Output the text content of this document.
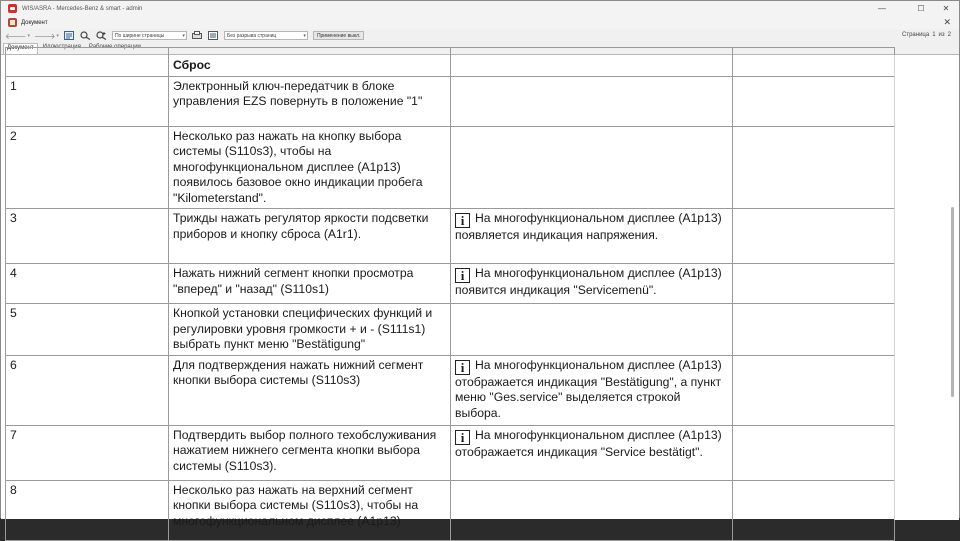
WIS/ASRA - Mercedes-Benz & smart - admin	—	☐	✕
Документ	✕
🡐 ▾ 🡒 ▾	По ширине страницы	▾	Без разрыва страниц	▾	Применение выкл.	Страница 1 из 2
Документ	Иллюстрация	Рабочие операции
	Сброс		
1	Электронный ключ-передатчик в блоке управления EZS повернуть в положение "1"		
2	Несколько раз нажать на кнопку выбора системы (S110s3), чтобы на многофункциональном дисплее (A1p13) появилось базовое окно индикации пробега "Kilometerstand".		
3	Трижды нажать регулятор яркости подсветки приборов и кнопку сброса (A1r1).	i На многофункциональном дисплее (A1p13) появляется индикация напряжения.	
4	Нажать нижний сегмент кнопки просмотра "вперед" и "назад" (S110s1)	i На многофункциональном дисплее (A1p13) появится индикация "Servicemenü".	
5	Кнопкой установки специфических функций и регулировки уровня громкости + и - (S111s1) выбрать пункт меню "Bestätigung"		
6	Для подтверждения нажать нижний сегмент кнопки выбора системы (S110s3)	i На многофункциональном дисплее (A1p13) отображается индикация "Bestätigung", а пункт меню "Ges.service" выделяется строкой выбора.	
7	Подтвердить выбор полного техобслуживания нажатием нижнего сегмента кнопки выбора системы (S110s3).	i На многофункциональном дисплее (A1p13) отображается индикация "Service bestätigt".	
8	Несколько раз нажать на верхний сегмент кнопки выбора системы (S110s3), чтобы на многофункциональном дисплее (A1p13)		
